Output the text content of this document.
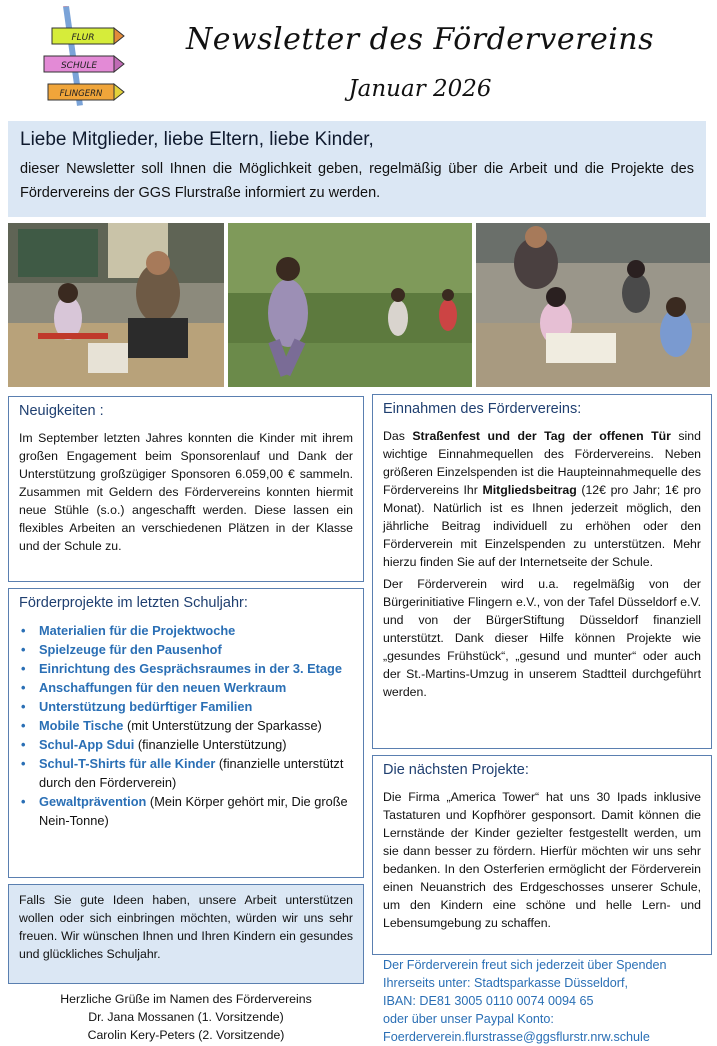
FLUR
SCHULE
FLINGERN
Newsletter des Fördervereins
Januar 2026
Liebe Mitglieder, liebe Eltern, liebe Kinder,

dieser Newsletter soll Ihnen die Möglichkeit geben, regelmäßig über die Arbeit und die Projekte des Fördervereins der GGS Flurstraße informiert zu werden.

Neuigkeiten :

Im September letzten Jahres konnten die Kinder mit ihrem großen Engagement beim Sponsorenlauf und Dank der Unterstützung großzügiger Sponsoren 6.059,00 € sammeln. Zusammen mit Geldern des Fördervereins konnten hiermit neue Stühle (s.o.) angeschafft werden. Diese lassen ein flexibles Arbeiten an verschiedenen Plätzen in der Klasse und der Schule zu.

Förderprojekte im letzten Schuljahr:
• Materialien für die Projektwoche
• Spielzeuge für den Pausenhof
• Einrichtung des Gesprächsraumes in der 3. Etage
• Anschaffungen für den neuen Werkraum
• Unterstützung bedürftiger Familien
• Mobile Tische (mit Unterstützung der Sparkasse)
• Schul-App Sdui (finanzielle Unterstützung)
• Schul-T-Shirts für alle Kinder (finanzielle unterstützt durch den Förderverein)
• Gewaltprävention (Mein Körper gehört mir, Die große Nein-Tonne)

Falls Sie gute Ideen haben, unsere Arbeit unterstützen wollen oder sich einbringen möchten, würden wir uns sehr freuen. Wir wünschen Ihnen und Ihren Kindern ein gesundes und glückliches Schuljahr.

Herzliche Grüße im Namen des Fördervereins
Dr. Jana Mossanen (1. Vorsitzende)
Carolin Kery-Peters (2. Vorsitzende)
Einnahmen des Fördervereins:

Das Straßenfest und der Tag der offenen Tür sind wichtige Einnahmequellen des Fördervereins. Neben größeren Einzelspenden ist die Haupteinnahmequelle des Fördervereins Ihr Mitgliedsbeitrag (12€ pro Jahr; 1€ pro Monat). Natürlich ist es Ihnen jederzeit möglich, den jährliche Beitrag individuell zu erhöhen oder den Förderverein mit Einzelspenden zu unterstützen. Mehr hierzu finden Sie auf der Internetseite der Schule.

Der Förderverein wird u.a. regelmäßig von der Bürgerinitiative Flingern e.V., von der Tafel Düsseldorf e.V. und von der BürgerStiftung Düsseldorf finanziell unterstützt. Dank dieser Hilfe können Projekte wie „gesundes Frühstück“, „gesund und munter“ oder auch der St.-Martins-Umzug in unserem Stadtteil durchgeführt werden.

Die nächsten Projekte:

Die Firma „America Tower“ hat uns 30 Ipads inklusive Tastaturen und Kopfhörer gesponsort. Damit können die Lernstände der Kinder gezielter festgestellt werden, um sie dann besser zu fördern. Hierfür möchten wir uns sehr bedanken. In den Osterferien ermöglicht der Förderverein einen Neuanstrich des Erdgeschosses unserer Schule, um den Kindern eine schöne und helle Lern- und Lebensumgebung zu schaffen.

Der Förderverein freut sich jederzeit über Spenden
Ihrerseits unter: Stadtsparkasse Düsseldorf,
IBAN: DE81 3005 0110 0074 0094 65
oder über unser Paypal Konto:
Foerderverein.flurstrasse@ggsflurstr.nrw.schule
